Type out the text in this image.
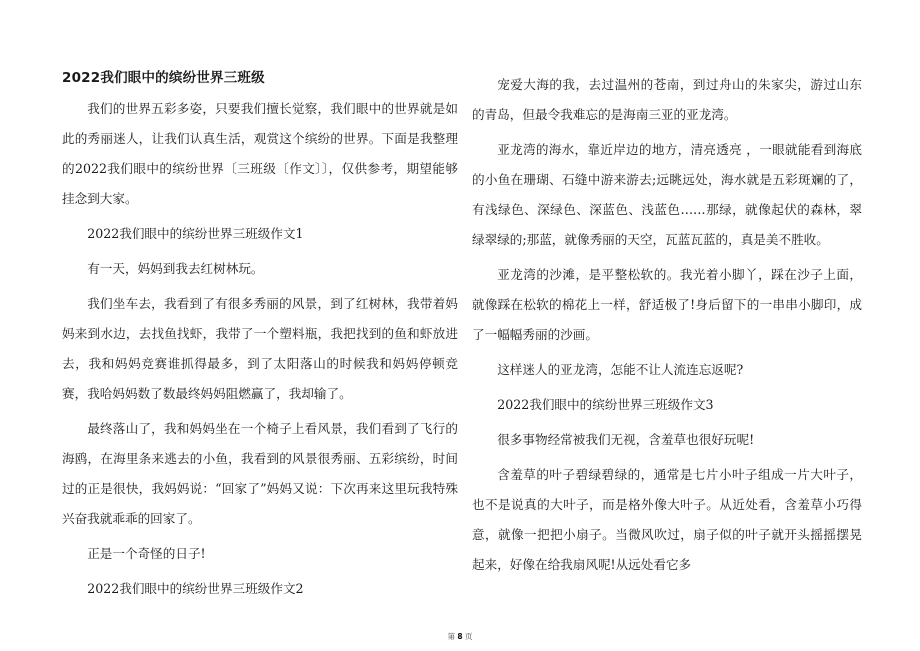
2022我们眼中的缤纷世界三班级

我们的世界五彩多姿，只要我们擅长觉察，我们眼中的世界就是如此的秀丽迷人，让我们认真生活，观赏这个缤纷的世界。下面是我整理的2022我们眼中的缤纷世界〔三班级〔作文〕〕，仅供参考，期望能够挂念到大家。

2022我们眼中的缤纷世界三班级作文1

有一天，妈妈到我去红树林玩。

我们坐车去，我看到了有很多秀丽的风景，到了红树林，我带着妈妈来到水边，去找鱼找虾，我带了一个塑料瓶，我把找到的鱼和虾放进去，我和妈妈竞赛谁抓得最多，到了太阳落山的时候我和妈妈停顿竞赛，我哈妈妈数了数最终妈妈阻燃赢了，我却输了。

最终落山了，我和妈妈坐在一个椅子上看风景，我们看到了飞行的海鸥，在海里条来逃去的小鱼，我看到的风景很秀丽、五彩缤纷，时间过的正是很快，我妈妈说：“回家了”妈妈又说：下次再来这里玩我特殊兴奋我就乖乖的回家了。

正是一个奇怪的日子!

2022我们眼中的缤纷世界三班级作文2

宠爱大海的我，去过温州的苍南，到过舟山的朱家尖，游过山东的青岛，但最令我难忘的是海南三亚的亚龙湾。

亚龙湾的海水，靠近岸边的地方，清亮透亮 ，一眼就能看到海底的小鱼在珊瑚、石缝中游来游去;远眺远处，海水就是五彩斑斓的了，有浅绿色、深绿色、深蓝色、浅蓝色……那绿，就像起伏的森林，翠绿翠绿的;那蓝，就像秀丽的天空，瓦蓝瓦蓝的，真是美不胜收。

亚龙湾的沙滩，是平整松软的。我光着小脚丫，踩在沙子上面，就像踩在松软的棉花上一样，舒适极了!身后留下的一串串小脚印，成了一幅幅秀丽的沙画。

这样迷人的亚龙湾，怎能不让人流连忘返呢?

2022我们眼中的缤纷世界三班级作文3

很多事物经常被我们无视，含羞草也很好玩呢!

含羞草的叶子碧绿碧绿的，通常是七片小叶子组成一片大叶子，也不是说真的大叶子，而是格外像大叶子。从近处看，含羞草小巧得意，就像一把把小扇子。当微风吹过，扇子似的叶子就开头摇摇摆晃起来，好像在给我扇风呢!从远处看它多

第 8 页
